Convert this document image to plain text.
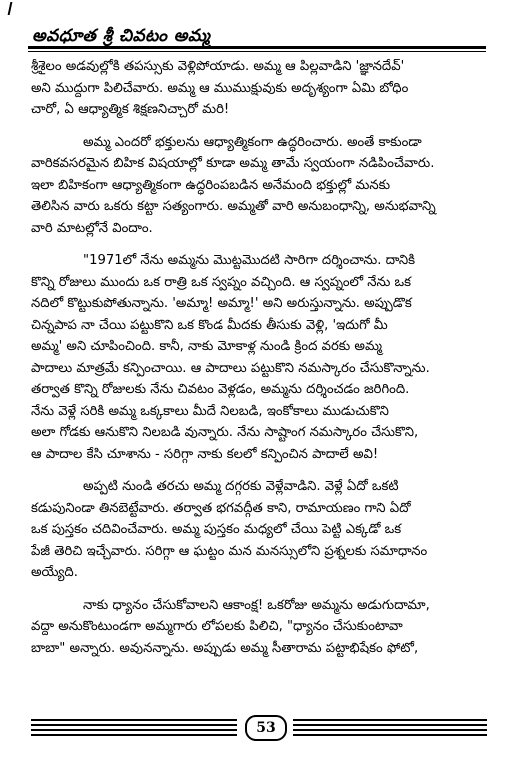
అవధూత శ్రీ చివటం అమ్మ

శ్రీశైలం అడవుల్లోకి తపస్సుకు వెళ్లిపోయాడు. అమ్మ ఆ పిల్లవాడిని 'జ్ఞానదేవ్'
అని ముద్దుగా పిలిచేవారు. అమ్మ ఆ ముముక్షువుకు అదృశ్యంగా ఏమి బోధిం
చారో, ఏ ఆధ్యాత్మిక శిక్షణనిచ్చారో మరి!

అమ్మ ఎందరో భక్తులను ఆధ్యాత్మికంగా ఉద్ధరించారు. అంతే కాకుండా
వారికవసరమైన బిహిక విషయాల్లో కూడా అమ్మ తామే స్వయంగా నడిపించేవారు.
ఇలా బిహికంగా ఆధ్యాత్మికంగా ఉద్ధరింపబడిన అనేమంది భక్తుల్లో మనకు
తెలిసిన వారు ఒకరు కట్టా సత్యంగారు. అమ్మతో వారి అనుబంధాన్ని, అనుభవాన్ని
వారి మాటల్లోనే విందాం.

"1971లో నేను అమ్మను మొట్టమొదటి సారిగా దర్శించాను. దానికి
కొన్ని రోజులు ముందు ఒక రాత్రి ఒక స్వప్నం వచ్చింది. ఆ స్వప్నంలో నేను ఒక
నదిలో కొట్టుకుపోతున్నాను. 'అమ్మా! అమ్మా!' అని అరుస్తున్నాను. అప్పుడొక
చిన్నపాప నా చేయి పట్టుకొని ఒక కొండ మీదకు తీసుకు వెళ్లి, 'ఇదుగో మీ
అమ్మ' అని చూపించింది. కానీ, నాకు మోకాళ్ల నుండి క్రింద వరకు అమ్మ
పాదాలు మాత్రమే కన్పించాయి. ఆ పాదాలు పట్టుకొని నమస్కారం చేసుకొన్నాను.
తర్వాత కొన్ని రోజులకు నేను చివటం వెళ్లడం, అమ్మను దర్శించడం జరిగింది.
నేను వెళ్లే సరికి అమ్మ ఒక్కకాలు మీదే నిలబడి, ఇంకోకాలు ముడుచుకొని
అలా గోడకు ఆనుకొని నిలబడి వున్నారు. నేను సాష్టాంగ నమస్కారం చేసుకొని,
ఆ పాదాల కేసి చూశాను - సరిగ్గా నాకు కలలో కన్పించిన పాదాలే అవి!

అప్పటి నుండి తరచు అమ్మ దగ్గరకు వెళ్లేవాడిని. వెళ్లే ఏదో ఒకటి
కడుపునిండా తినబెట్టేవారు. తర్వాత భగవద్గీత కాని, రామాయణం గాని ఏదో
ఒక పుస్తకం చదివించేవారు. అమ్మ పుస్తకం మధ్యలో చేయి పెట్టి ఎక్కడో ఒక
పేజీ తెరిచి ఇచ్చేవారు. సరిగ్గా ఆ ఘట్టం మన మనస్సులోని ప్రశ్నలకు సమాధానం
అయ్యేది.

నాకు ధ్యానం చేసుకోవాలని ఆకాంక్ష! ఒకరోజు అమ్మను అడుగుదామా,
వద్దా అనుకొంటుండగా అమ్మగారు లోపలకు పిలిచి, "ధ్యానం చేసుకుంటావా
బాబా" అన్నారు. అవునన్నాను. అప్పుడు అమ్మ సీతారామ పట్టాభిషేకం ఫోటో,

53
